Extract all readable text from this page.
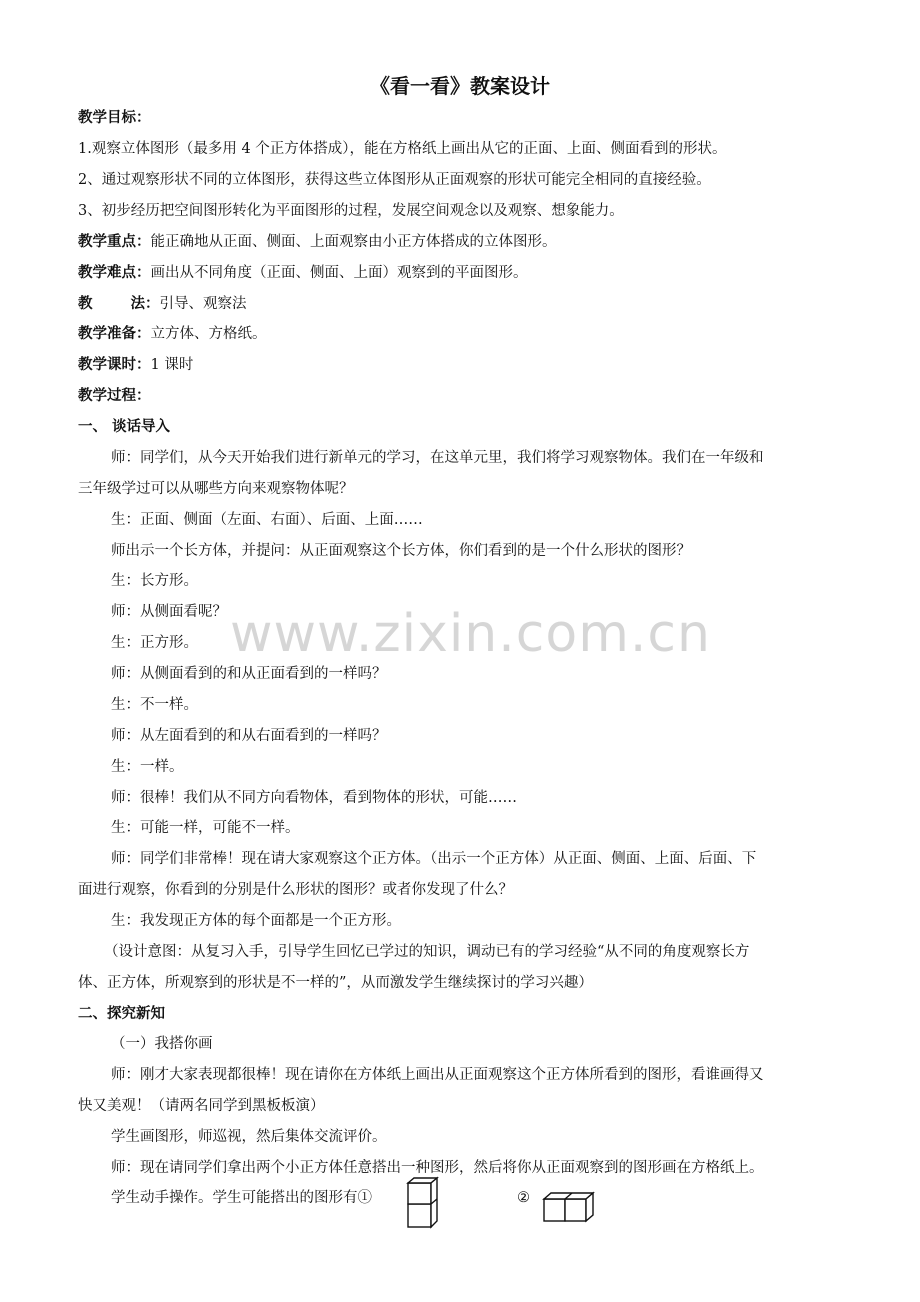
www.zixin.com.cn
《看一看》教案设计
教学目标：
1.观察立体图形（最多用 4 个正方体搭成），能在方格纸上画出从它的正面、上面、侧面看到的形状。
2、通过观察形状不同的立体图形，获得这些立体图形从正面观察的形状可能完全相同的直接经验。
3、初步经历把空间图形转化为平面图形的过程，发展空间观念以及观察、想象能力。
教学重点：能正确地从正面、侧面、上面观察由小正方体搭成的立体图形。
教学难点：画出从不同角度（正面、侧面、上面）观察到的平面图形。
教	法：引导、观察法
教学准备：立方体、方格纸。
教学课时：1 课时
教学过程：
一、 谈话导入
师：同学们，从今天开始我们进行新单元的学习，在这单元里，我们将学习观察物体。我们在一年级和
三年级学过可以从哪些方向来观察物体呢？
生：正面、侧面（左面、右面）、后面、上面……
师出示一个长方体，并提问：从正面观察这个长方体，你们看到的是一个什么形状的图形？
生：长方形。
师：从侧面看呢？
生：正方形。
师：从侧面看到的和从正面看到的一样吗？
生：不一样。
师：从左面看到的和从右面看到的一样吗？
生：一样。
师：很棒！我们从不同方向看物体，看到物体的形状，可能……
生：可能一样，可能不一样。
师：同学们非常棒！现在请大家观察这个正方体。（出示一个正方体）从正面、侧面、上面、后面、下
面进行观察，你看到的分别是什么形状的图形？或者你发现了什么？
生：我发现正方体的每个面都是一个正方形。
（设计意图：从复习入手，引导学生回忆已学过的知识，调动已有的学习经验“从不同的角度观察长方
体、正方体，所观察到的形状是不一样的”，从而激发学生继续探讨的学习兴趣）
二、探究新知
（一）我搭你画
师：刚才大家表现都很棒！现在请你在方体纸上画出从正面观察这个正方体所看到的图形，看谁画得又
快又美观！（请两名同学到黑板板演）
学生画图形，师巡视，然后集体交流评价。
师：现在请同学们拿出两个小正方体任意搭出一种图形，然后将你从正面观察到的图形画在方格纸上。
学生动手操作。学生可能搭出的图形有①	②
